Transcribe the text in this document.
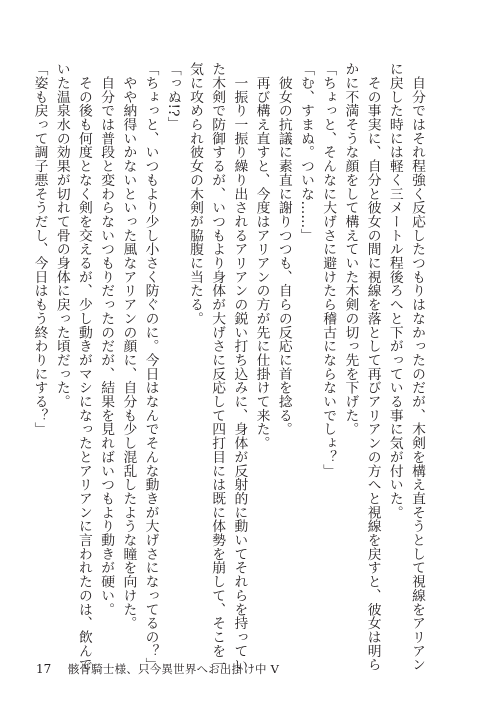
　自分ではそれ程強く反応したつもりはなかったのだが、木剣を構え直そうとして視線をアリアン
に戻した時には軽く三メートル程後ろへと下がっている事に気が付いた。
　その事実に、自分と彼女の間に視線を落として再びアリアンの方へと視線を戻すと、彼女は明ら
かに不満そうな顔をして構えていた木剣の切っ先を下げた。
「ちょっと、そんなに大げさに避けたら稽古にならないでしょ？」
「む、すまぬ。ついな……」
　彼女の抗議に素直に謝りつつも、自らの反応に首を捻る。
　再び構え直すと、今度はアリアンの方が先に仕掛けて来た。
　一振り一振り繰り出されるアリアンの鋭い打ち込みに、身体が反射的に動いてそれらを持ってい
た木剣で防御するが、いつもより身体が大げさに反応して四打目には既に体勢を崩して、そこを一
気に攻められ彼女の木剣が脇腹に当たる。
「っぬ!?」
「ちょっと、いつもより少し小さく防ぐのに。今日はなんでそんな動きが大げさになってるの？」
　やや納得いかないといった風なアリアンの顔に、自分も少し混乱したような瞳を向けた。
　自分では普段と変わらないつもりだったのだが、結果を見ればいつもより動きが硬い。
　その後も何度となく剣を交えるが、少し動きがマシになったとアリアンに言われたのは、飲んで
いた温泉水の効果が切れて骨の身体に戻った頃だった。
「姿も戻って調子悪そうだし、今日はもう終わりにする？」
17 骸骨騎士様、只今異世界へお出掛け中 Ⅴ
